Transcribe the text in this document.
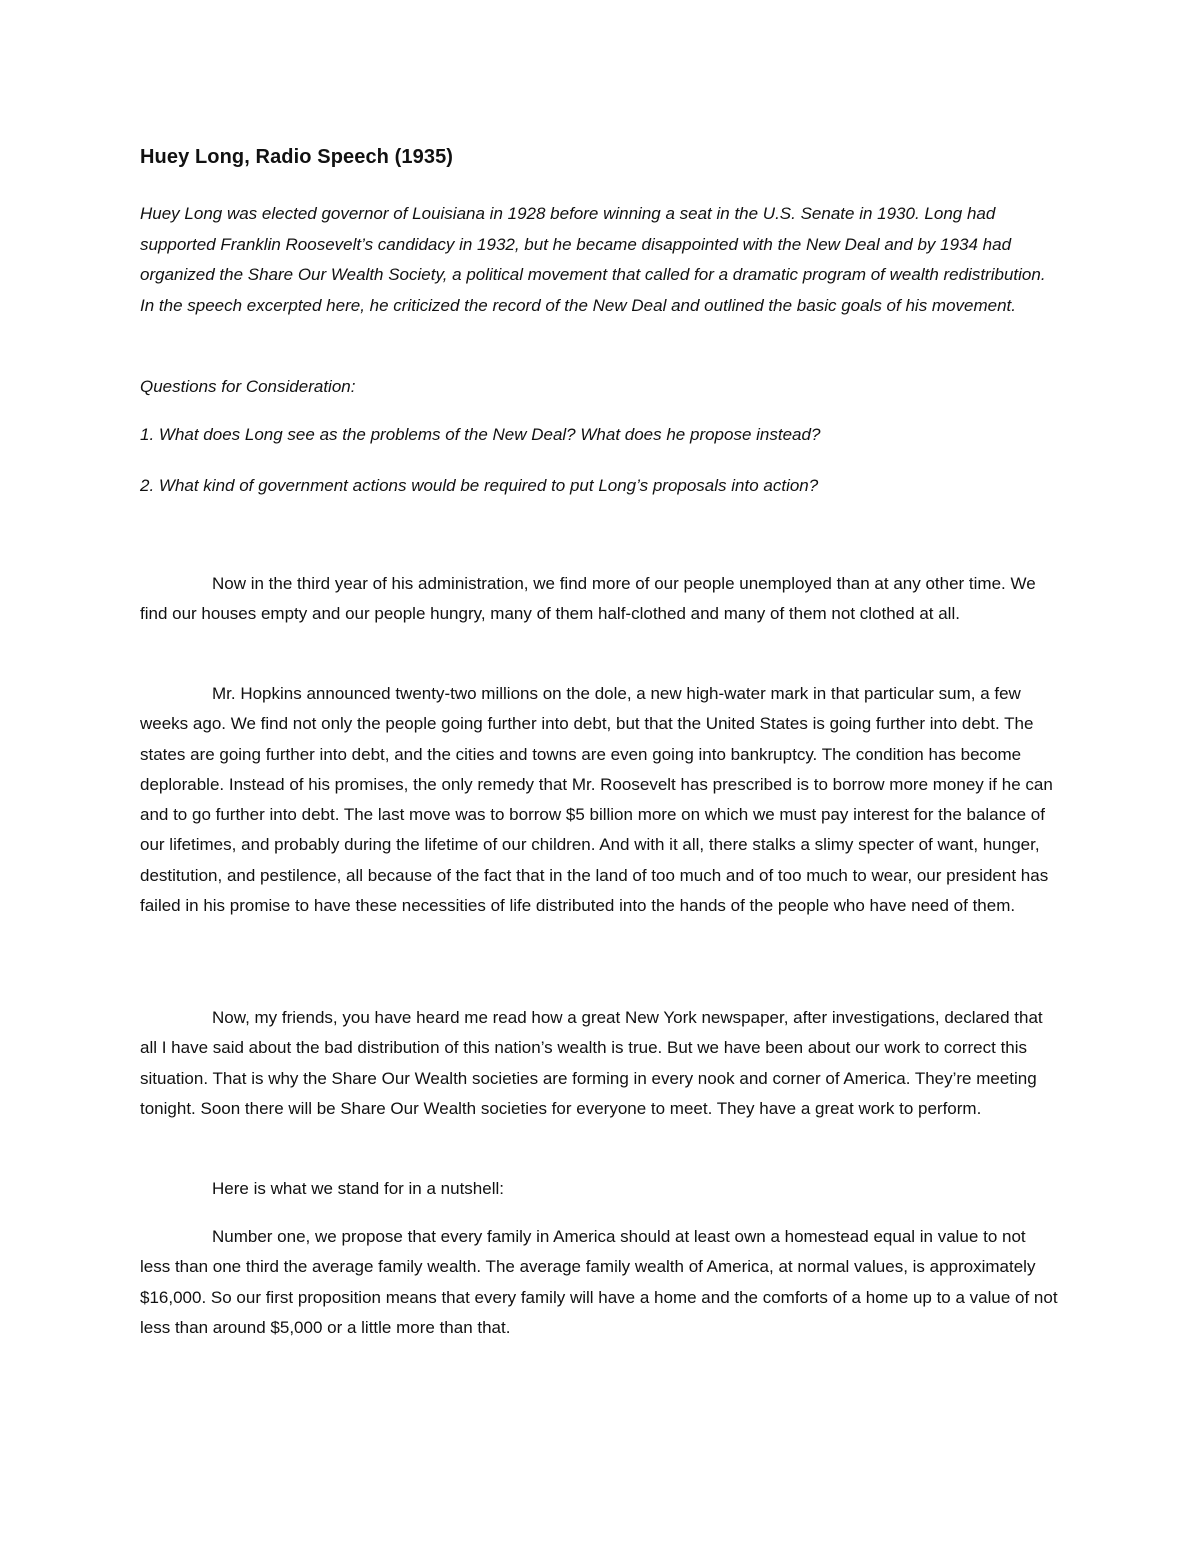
Huey Long, Radio Speech (1935)

Huey Long was elected governor of Louisiana in 1928 before winning a seat in the U.S. Senate in 1930. Long had supported Franklin Roosevelt’s candidacy in 1932, but he became disappointed with the New Deal and by 1934 had organized the Share Our Wealth Society, a political movement that called for a dramatic program of wealth redistribution. In the speech excerpted here, he criticized the record of the New Deal and outlined the basic goals of his movement.

Questions for Consideration:

1. What does Long see as the problems of the New Deal? What does he propose instead?

2. What kind of government actions would be required to put Long’s proposals into action?

Now in the third year of his administration, we find more of our people unemployed than at any other time. We find our houses empty and our people hungry, many of them half-clothed and many of them not clothed at all.

Mr. Hopkins announced twenty-two millions on the dole, a new high-water mark in that particular sum, a few weeks ago. We find not only the people going further into debt, but that the United States is going further into debt. The states are going further into debt, and the cities and towns are even going into bankruptcy. The condition has become deplorable. Instead of his promises, the only remedy that Mr. Roosevelt has prescribed is to borrow more money if he can and to go further into debt. The last move was to borrow $5 billion more on which we must pay interest for the balance of our lifetimes, and probably during the lifetime of our children. And with it all, there stalks a slimy specter of want, hunger, destitution, and pestilence, all because of the fact that in the land of too much and of too much to wear, our president has failed in his promise to have these necessities of life distributed into the hands of the people who have need of them.

Now, my friends, you have heard me read how a great New York newspaper, after investigations, declared that all I have said about the bad distribution of this nation’s wealth is true. But we have been about our work to correct this situation. That is why the Share Our Wealth societies are forming in every nook and corner of America. They’re meeting tonight. Soon there will be Share Our Wealth societies for everyone to meet. They have a great work to perform.

Here is what we stand for in a nutshell:

Number one, we propose that every family in America should at least own a homestead equal in value to not less than one third the average family wealth. The average family wealth of America, at normal values, is approximately $16,000. So our first proposition means that every family will have a home and the comforts of a home up to a value of not less than around $5,000 or a little more than that.
